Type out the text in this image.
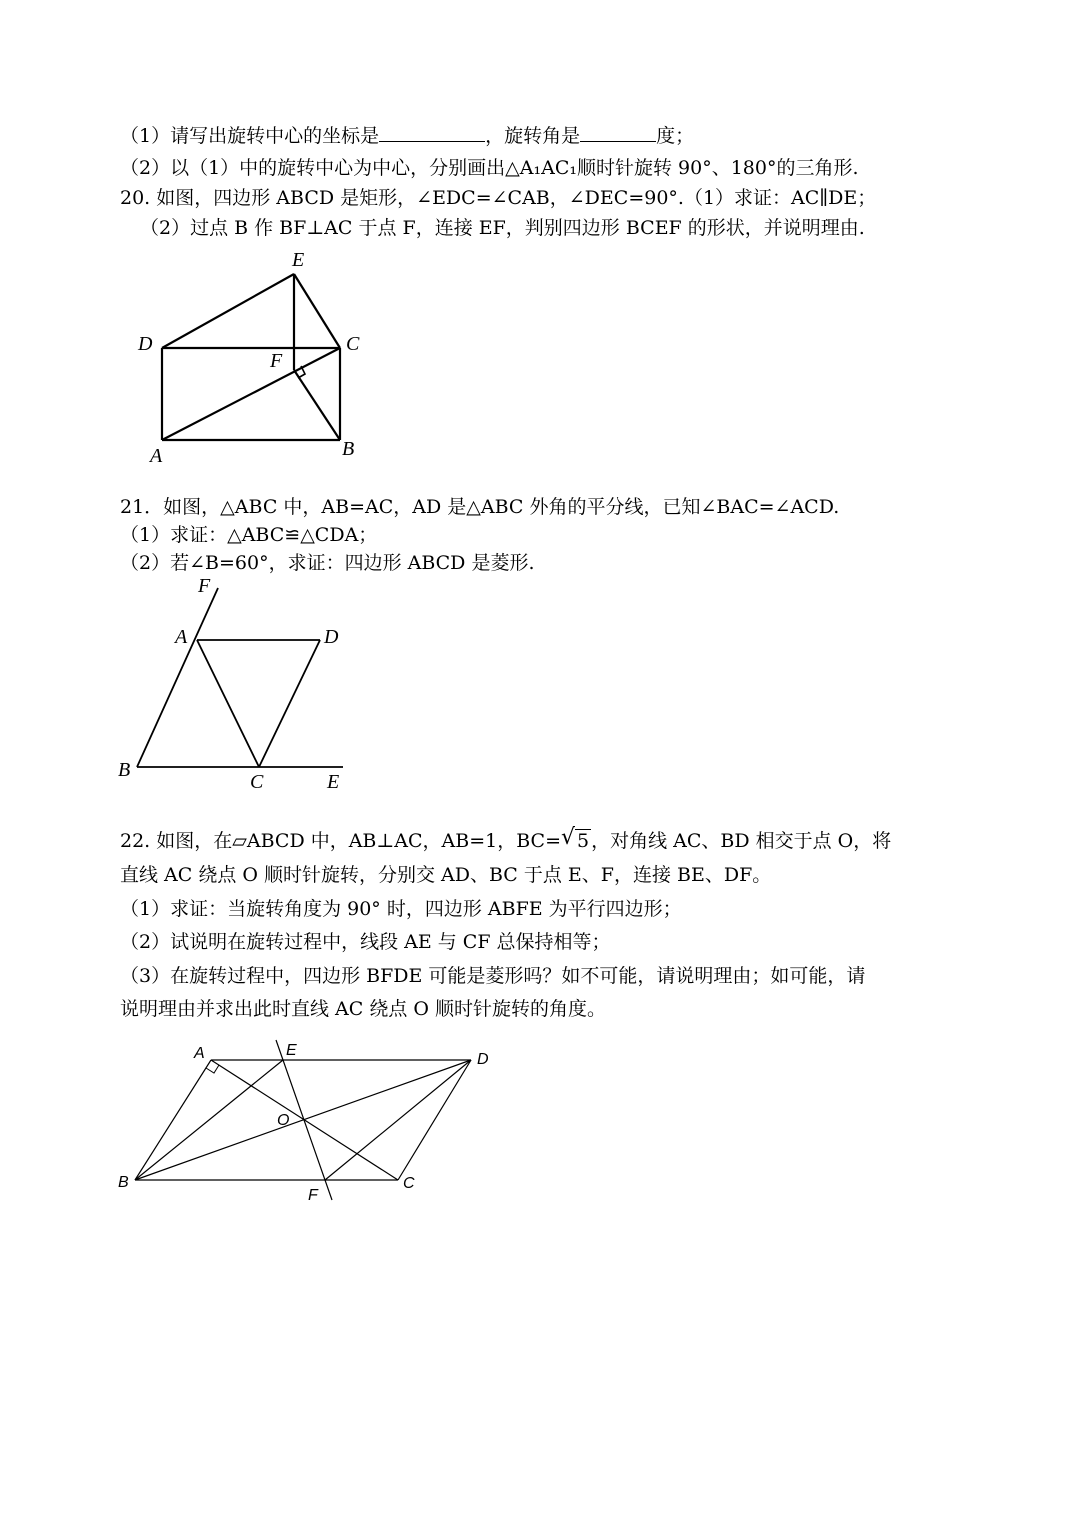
（1）请写出旋转中心的坐标是	，旋转角是	度；
（2）以（1）中的旋转中心为中心，分别画出△A₁AC₁顺时针旋转 90°、180°的三角形.
20. 如图，四边形 ABCD 是矩形，∠EDC=∠CAB，∠DEC=90°.（1）求证：AC∥DE；
（2）过点 B 作 BF⊥AC 于点 F，连接 EF，判别四边形 BCEF 的形状，并说明理由.
E
D	C
F
A	B
21．如图，△ABC 中，AB=AC，AD 是△ABC 外角的平分线，已知∠BAC=∠ACD.
（1）求证：△ABC≌△CDA；
（2）若∠B=60°，求证：四边形 ABCD 是菱形.
F
A	D
B
C	E
22. 如图，在▱ABCD 中，AB⊥AC，AB=1，BC= √ 5 ，对角线 AC、BD 相交于点 O，将
直线 AC 绕点 O 顺时针旋转，分别交 AD、BC 于点 E、F，连接 BE、DF。
（1）求证：当旋转角度为 90° 时，四边形 ABFE 为平行四边形；
（2）试说明在旋转过程中，线段 AE 与 CF 总保持相等；
（3）在旋转过程中，四边形 BFDE 可能是菱形吗？如不可能，请说明理由；如可能，请
说明理由并求出此时直线 AC 绕点 O 顺时针旋转的角度。
A	E
D
O
B
F
C
